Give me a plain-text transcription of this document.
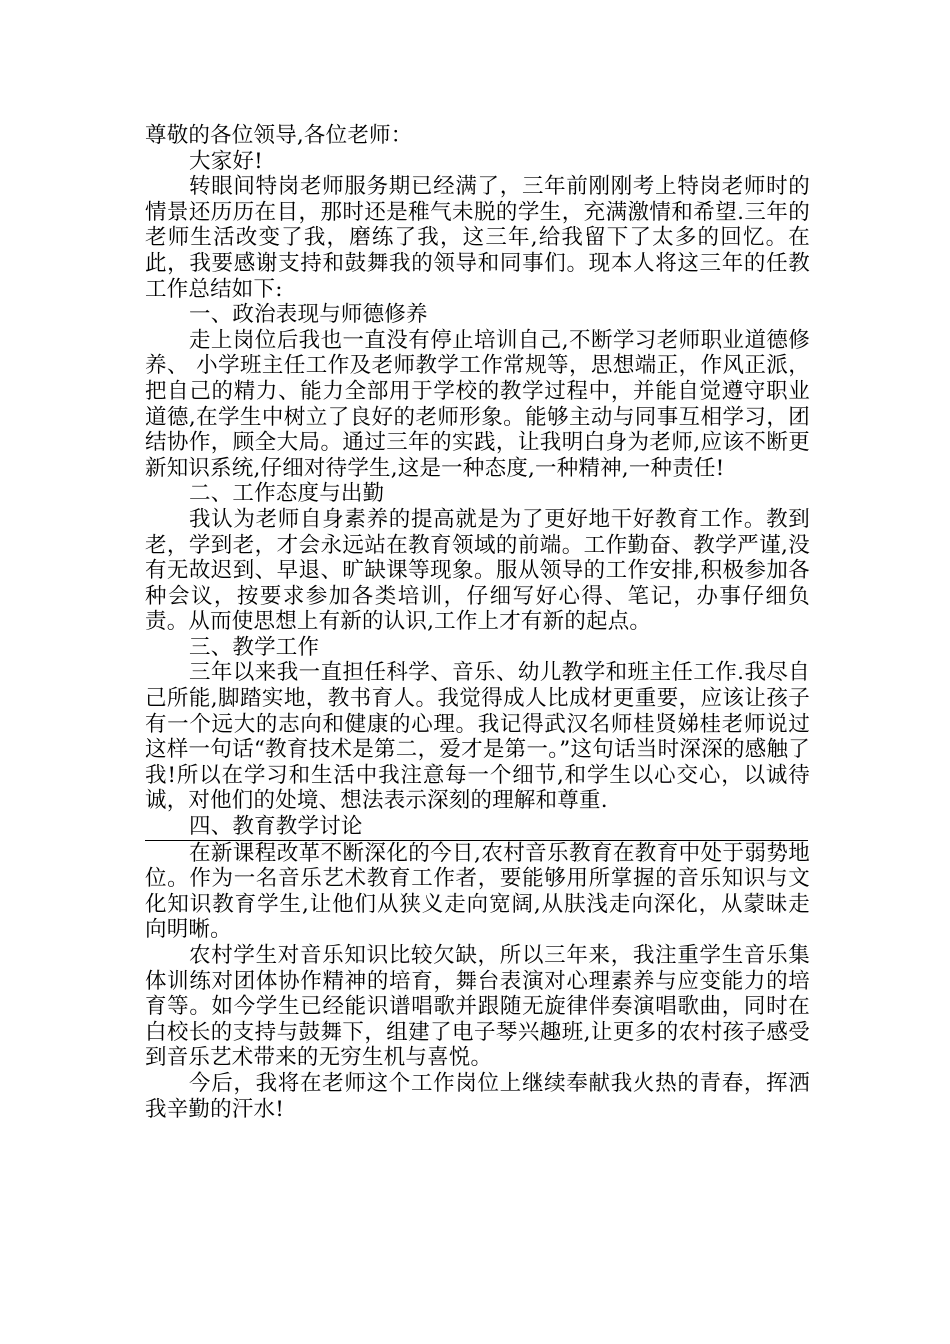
尊敬的各位领导,各位老师：

大家好!

转眼间特岗老师服务期已经满了，三年前刚刚考上特岗老师时的情景还历历在目，那时还是稚气未脱的学生，充满激情和希望.三年的老师生活改变了我，磨练了我，这三年,给我留下了太多的回忆。在此，我要感谢支持和鼓舞我的领导和同事们。现本人将这三年的任教工作总结如下:

一、政治表现与师德修养

走上岗位后我也一直没有停止培训自己,不断学习老师职业道德修养、 小学班主任工作及老师教学工作常规等，思想端正，作风正派，把自己的精力、能力全部用于学校的教学过程中，并能自觉遵守职业道德,在学生中树立了良好的老师形象。能够主动与同事互相学习，团结协作，顾全大局。通过三年的实践，让我明白身为老师,应该不断更新知识系统,仔细对待学生,这是一种态度,一种精神,一种责任!

二、工作态度与出勤

我认为老师自身素养的提高就是为了更好地干好教育工作。教到老，学到老，才会永远站在教育领域的前端。工作勤奋、教学严谨,没有无故迟到、早退、旷缺课等现象。服从领导的工作安排,积极参加各种会议，按要求参加各类培训，仔细写好心得、笔记，办事仔细负责。从而使思想上有新的认识,工作上才有新的起点。

三、教学工作

三年以来我一直担任科学、音乐、幼儿教学和班主任工作.我尽自己所能,脚踏实地，教书育人。我觉得成人比成材更重要，应该让孩子有一个远大的志向和健康的心理。我记得武汉名师桂贤娣桂老师说过这样一句话“教育技术是第二，爱才是第一。”这句话当时深深的感触了我!所以在学习和生活中我注意每一个细节,和学生以心交心，以诚待诚，对他们的处境、想法表示深刻的理解和尊重.

四、教育教学讨论

在新课程改革不断深化的今日,农村音乐教育在教育中处于弱势地位。作为一名音乐艺术教育工作者，要能够用所掌握的音乐知识与文化知识教育学生,让他们从狭义走向宽阔,从肤浅走向深化，从蒙昧走向明晰。

农村学生对音乐知识比较欠缺，所以三年来，我注重学生音乐集体训练对团体协作精神的培育，舞台表演对心理素养与应变能力的培育等。如今学生已经能识谱唱歌并跟随无旋律伴奏演唱歌曲，同时在白校长的支持与鼓舞下，组建了电子琴兴趣班,让更多的农村孩子感受到音乐艺术带来的无穷生机与喜悦。

今后，我将在老师这个工作岗位上继续奉献我火热的青春，挥洒我辛勤的汗水!
